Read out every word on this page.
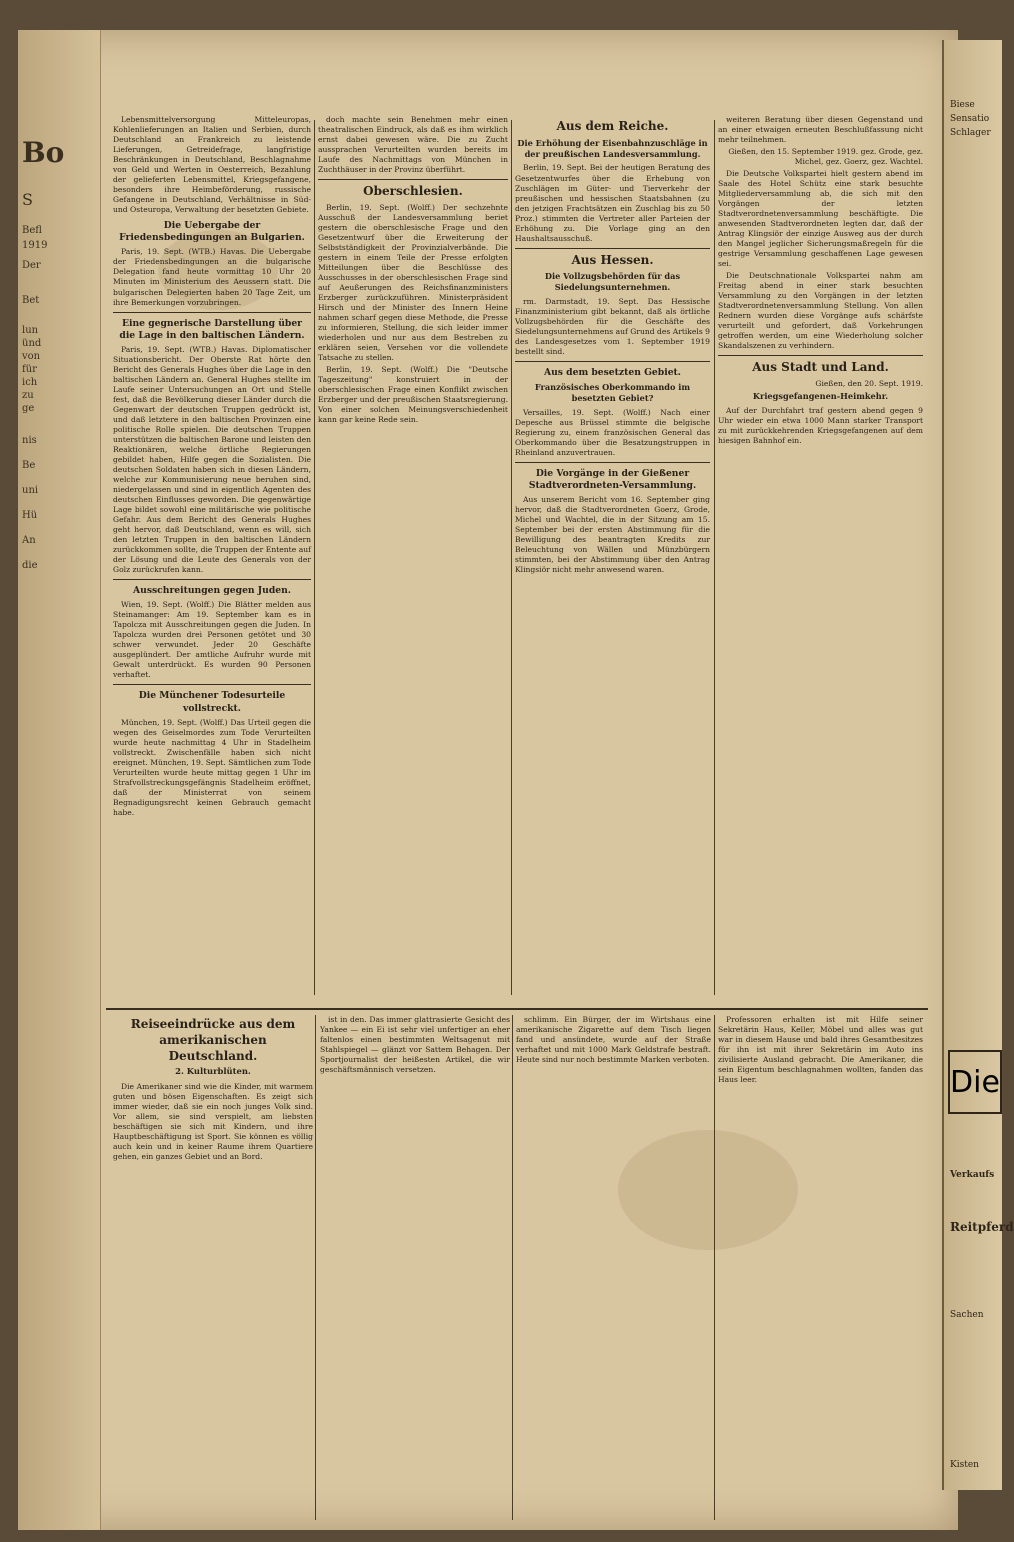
Bo
S
Befl
1919
Der
Bet
lun
ünd
von
für
ich
zu
ge
nis
Be
uni
Hü
An
die

Lebensmittelversorgung Mitteleuropas, Kohlenlieferungen an Italien und Serbien, durch Deutschland an Frankreich zu leistende Lieferungen, Getreidefrage, langfristige Beschränkungen in Deutschland, Beschlagnahme von Geld und Werten in Oesterreich, Bezahlung der gelieferten Lebensmittel, Kriegsgefangene, besonders ihre Heimbeförderung, russische Gefangene in Deutschland, Verhältnisse in Süd- und Osteuropa, Verwaltung der besetzten Gebiete.

Die Uebergabe der Friedensbedingungen an Bulgarien.

Paris, 19. Sept. (WTB.) Havas. Die Uebergabe der Friedensbedingungen an die bulgarische Delegation fand heute vormittag 10 Uhr 20 Minuten im Ministerium des Aeussern statt. Die bulgarischen Delegierten haben 20 Tage Zeit, um ihre Bemerkungen vorzubringen.

Eine gegnerische Darstellung über die Lage in den baltischen Ländern.

Paris, 19. Sept. (WTB.) Havas. Diplomatischer Situationsbericht. Der Oberste Rat hörte den Bericht des Generals Hughes über die Lage in den baltischen Ländern an. General Hughes stellte im Laufe seiner Untersuchungen an Ort und Stelle fest, daß die Bevölkerung dieser Länder durch die Gegenwart der deutschen Truppen gedrückt ist, und daß letztere in den baltischen Provinzen eine politische Rolle spielen. Die deutschen Truppen unterstützen die baltischen Barone und leisten den Reaktionären, welche örtliche Regierungen gebildet haben, Hilfe gegen die Sozialisten. Die deutschen Soldaten haben sich in diesen Ländern, welche zur Kommunisierung neue beruhen sind, niedergelassen und sind in eigentlich Agenten des deutschen Einflusses geworden. Die gegenwärtige Lage bildet sowohl eine militärische wie politische Gefahr. Aus dem Bericht des Generals Hughes geht hervor, daß Deutschland, wenn es will, sich den letzten Truppen in den baltischen Ländern zurückkommen sollte, die Truppen der Entente auf der Lösung und die Leute des Generals von der Golz zurückrufen kann.

Ausschreitungen gegen Juden.

Wien, 19. Sept. (Wolff.) Die Blätter melden aus Steinamanger: Am 19. September kam es in Tapolcza mit Ausschreitungen gegen die Juden. In Tapolcza wurden drei Personen getötet und 30 schwer verwundet. Jeder 20 Geschäfte ausgeplündert. Der amtliche Aufruhr wurde mit Gewalt unterdrückt. Es wurden 90 Personen verhaftet.

Die Münchener Todesurteile vollstreckt.

München, 19. Sept. (Wolff.) Das Urteil gegen die wegen des Geiselmordes zum Tode Verurteilten wurde heute nachmittag 4 Uhr in Stadelheim vollstreckt. Zwischenfälle haben sich nicht ereignet. München, 19. Sept. Sämtlichen zum Tode Verurteilten wurde heute mittag gegen 1 Uhr im Strafvollstreckungsgefängnis Stadelheim eröffnet, daß der Ministerrat von seinem Begnadigungsrecht keinen Gebrauch gemacht habe.

doch machte sein Benehmen mehr einen theatralischen Eindruck, als daß es ihm wirklich ernst dabei gewesen wäre. Die zu Zucht aussprachen Verurteilten wurden bereits im Laufe des Nachmittags von München in Zuchthäuser in der Provinz überführt.

Oberschlesien.

Berlin, 19. Sept. (Wolff.) Der sechzehnte Ausschuß der Landesversammlung beriet gestern die oberschlesische Frage und den Gesetzentwurf über die Erweiterung der Selbstständigkeit der Provinzialverbände. Die gestern in einem Teile der Presse erfolgten Mitteilungen über die Beschlüsse des Ausschusses in der oberschlesischen Frage sind auf Aeußerungen des Reichsfinanzministers Erzberger zurückzuführen. Ministerpräsident Hirsch und der Minister des Innern Heine nahmen scharf gegen diese Methode, die Presse zu informieren, Stellung, die sich leider immer wiederholen und nur aus dem Bestreben zu erklären seien, Versehen vor die vollendete Tatsache zu stellen.

Berlin, 19. Sept. (Wolff.) Die "Deutsche Tageszeitung" konstruiert in der oberschlesischen Frage einen Konflikt zwischen Erzberger und der preußischen Staatsregierung. Von einer solchen Meinungsverschiedenheit kann gar keine Rede sein.

Aus dem Reiche.
Die Erhöhung der Eisenbahnzuschläge in der preußischen Landesversammlung.

Berlin, 19. Sept. Bei der heutigen Beratung des Gesetzentwurfes über die Erhebung von Zuschlägen im Güter- und Tierverkehr der preußischen und hessischen Staatsbahnen (zu den jetzigen Frachtsätzen ein Zuschlag bis zu 50 Proz.) stimmten die Vertreter aller Parteien der Erhöhung zu. Die Vorlage ging an den Haushaltsausschuß.

Aus Hessen.
Die Vollzugsbehörden für das Siedelungsunternehmen.

rm. Darmstadt, 19. Sept. Das Hessische Finanzministerium gibt bekannt, daß als örtliche Vollzugsbehörden für die Geschäfte des Siedelungsunternehmens auf Grund des Artikels 9 des Landesgesetzes vom 1. September 1919 bestellt sind.

Aus dem besetzten Gebiet.
Französisches Oberkommando im besetzten Gebiet?

Versailles, 19. Sept. (Wolff.) Nach einer Depesche aus Brüssel stimmte die belgische Regierung zu, einem französischen General das Oberkommando über die Besatzungstruppen in Rheinland anzuvertrauen.

Die Vorgänge in der Gießener Stadtverordneten-Versammlung.

Aus unserem Bericht vom 16. September ging hervor, daß die Stadtverordneten Goerz, Grode, Michel und Wachtel, die in der Sitzung am 15. September bei der ersten Abstimmung für die Bewilligung des beantragten Kredits zur Beleuchtung von Wällen und Münzbürgern stimmten, bei der Abstimmung über den Antrag Klingsiör nicht mehr anwesend waren.

weiteren Beratung über diesen Gegenstand und an einer etwaigen erneuten Beschlußfassung nicht mehr teilnehmen.

Gießen, den 15. September 1919. gez. Grode, gez. Michel, gez. Goerz, gez. Wachtel.

Die Deutsche Volkspartei hielt gestern abend im Saale des Hotel Schütz eine stark besuchte Mitgliederversammlung ab, die sich mit den Vorgängen der letzten Stadtverordnetenversammlung beschäftigte. Die anwesenden Stadtverordneten legten dar, daß der Antrag Klingsiör der einzige Ausweg aus der durch den Mangel jeglicher Sicherungsmaßregeln für die gestrige Versammlung geschaffenen Lage gewesen sei.

Die Deutschnationale Volkspartei nahm am Freitag abend in einer stark besuchten Versammlung zu den Vorgängen in der letzten Stadtverordnetenversammlung Stellung. Von allen Rednern wurden diese Vorgänge aufs schärfste verurteilt und gefordert, daß Vorkehrungen getroffen werden, um eine Wiederholung solcher Skandalszenen zu verhindern.

Aus Stadt und Land.

Gießen, den 20. Sept. 1919.

Kriegsgefangenen-Heimkehr.

Auf der Durchfahrt traf gestern abend gegen 9 Uhr wieder ein etwa 1000 Mann starker Transport zu mit zurückkehrenden Kriegsgefangenen auf dem hiesigen Bahnhof ein.

Reiseeindrücke aus dem amerikanischen Deutschland.
2. Kulturblüten.

Die Amerikaner sind wie die Kinder, mit warmem guten und bösen Eigenschaften. Es zeigt sich immer wieder, daß sie ein noch junges Volk sind. Vor allem, sie sind verspielt, am liebsten beschäftigen sie sich mit Kindern, und ihre Hauptbeschäftigung ist Sport. Sie können es völlig auch kein und in keiner Raume ihrem Quartiere gehen, ein ganzes Gebiet und an Bord.

ist in den. Das immer glattrasierte Gesicht des Yankee — ein Ei ist sehr viel unfertiger an eher faltenlos einen bestimmten Weltsagenut mit Stahlspiegel — glänzt vor Sattem Behagen. Der Sportjournalist der heißesten Artikel, die wir geschäftsmännisch versetzen.

schlimm. Ein Bürger, der im Wirtshaus eine amerikanische Zigarette auf dem Tisch liegen fand und ansündete, wurde auf der Straße verhaftet und mit 1000 Mark Geldstrafe bestraft. Heute sind nur noch bestimmte Marken verboten.

Professoren erhalten ist mit Hilfe seiner Sekretärin Haus, Keller, Möbel und alles was gut war in diesem Hause und bald ihres Gesamtbesitzes für ihn ist mit ihrer Sekretärin im Auto ins zivilisierte Ausland gebracht. Die Amerikaner, die sein Eigentum beschlagnahmen wollten, fanden das Haus leer.

Biese
Sensatio
Schlager
Die
Verkaufs
Reitpferd
Sachen
Kisten
